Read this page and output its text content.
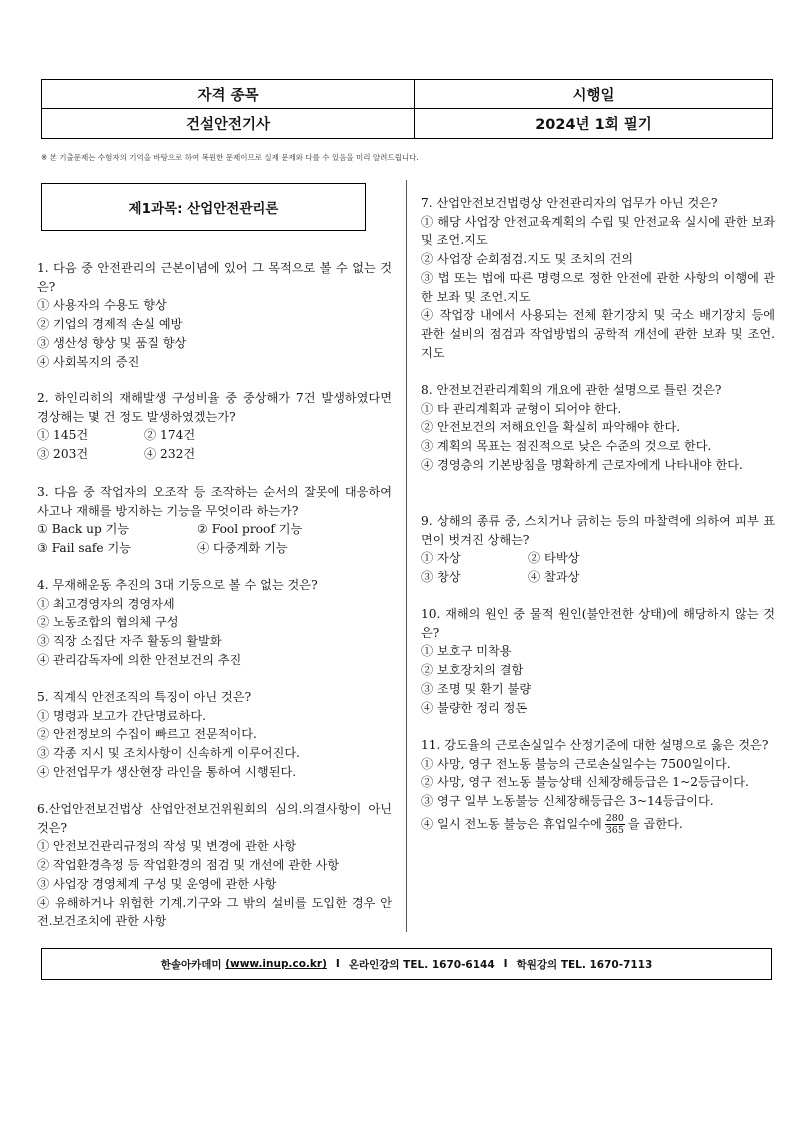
자격 종목	시행일
건설안전기사	2024년 1회 필기
※ 본 기출문제는 수험자의 기억을 바탕으로 하여 복원한 문제이므로 실제 문제와 다를 수 있음을 미리 알려드립니다.
제1과목: 산업안전관리론

1. 다음 중 안전관리의 근본이념에 있어 그 목적으로 볼 수 없는 것은?

① 사용자의 수용도 향상

② 기업의 경제적 손실 예방

③ 생산성 향상 및 품질 향상

④ 사회복지의 증진

2. 하인리히의 재해발생 구성비율 중 중상해가 7건 발생하였다면 경상해는 몇 건 정도 발생하였겠는가?

① 145건	② 174건

③ 203건	④ 232건

3. 다음 중 작업자의 오조작 등 조작하는 순서의 잘못에 대응하여 사고나 재해를 방지하는 기능을 무엇이라 하는가?

① Back up 기능	② Fool proof 기능

③ Fail safe 기능	④ 다중계화 기능

4. 무재해운동 추진의 3대 기둥으로 볼 수 없는 것은?

① 최고경영자의 경영자세

② 노동조합의 협의체 구성

③ 직장 소집단 자주 활동의 활발화

④ 관리감독자에 의한 안전보건의 추진

5. 직계식 안전조직의 특징이 아닌 것은?

① 명령과 보고가 간단명료하다.

② 안전정보의 수집이 빠르고 전문적이다.

③ 각종 지시 및 조치사항이 신속하게 이루어진다.

④ 안전업무가 생산현장 라인을 통하여 시행된다.

6.산업안전보건법상 산업안전보건위원회의 심의.의결사항이 아닌 것은?

① 안전보건관리규정의 작성 및 변경에 관한 사항

② 작업환경측정 등 작업환경의 점검 및 개선에 관한 사항

③ 사업장 경영체계 구성 및 운영에 관한 사항

④ 유해하거나 위험한 기계.기구와 그 밖의 설비를 도입한 경우 안전.보건조치에 관한 사항

7. 산업안전보건법령상 안전관리자의 업무가 아닌 것은?

① 해당 사업장 안전교육계획의 수립 및 안전교육 실시에 관한 보좌 및 조언.지도

② 사업장 순회점검.지도 및 조치의 건의

③ 법 또는 법에 따른 명령으로 정한 안전에 관한 사항의 이행에 관한 보좌 및 조언.지도

④ 작업장 내에서 사용되는 전체 환기장치 및 국소 배기장치 등에 관한 설비의 점검과 작업방법의 공학적 개선에 관한 보좌 및 조언.지도

8. 안전보건관리계획의 개요에 관한 설명으로 틀린 것은?

① 타 관리계획과 균형이 되어야 한다.

② 안전보건의 저해요인을 확실히 파악해야 한다.

③ 계획의 목표는 점진적으로 낮은 수준의 것으로 한다.

④ 경영층의 기본방침을 명확하게 근로자에게 나타내야 한다.

9. 상해의 종류 중, 스치거나 긁히는 등의 마찰력에 의하여 피부 표면이 벗겨진 상해는?

① 자상	② 타박상

③ 창상	④ 찰과상

10. 재해의 원인 중 물적 원인(불안전한 상태)에 해당하지 않는 것은?

① 보호구 미착용

② 보호장치의 결함

③ 조명 및 환기 불량

④ 불량한 정리 정돈

11. 강도율의 근로손실일수 산정기준에 대한 설명으로 옳은 것은?

① 사망, 영구 전노동 불능의 근로손실일수는 7500일이다.

② 사망, 영구 전노동 불능상태 신체장해등급은 1~2등급이다.

③ 영구 일부 노동불능 신체장해등급은 3~14등급이다.

④ 일시 전노동 불능은 휴업일수에 $\frac{280}{365}$ 을 곱한다.

한솔아카데미
(www.inup.co.kr) I 온라인강의 TEL. 1670-6144 I 학원강의 TEL. 1670-7113
